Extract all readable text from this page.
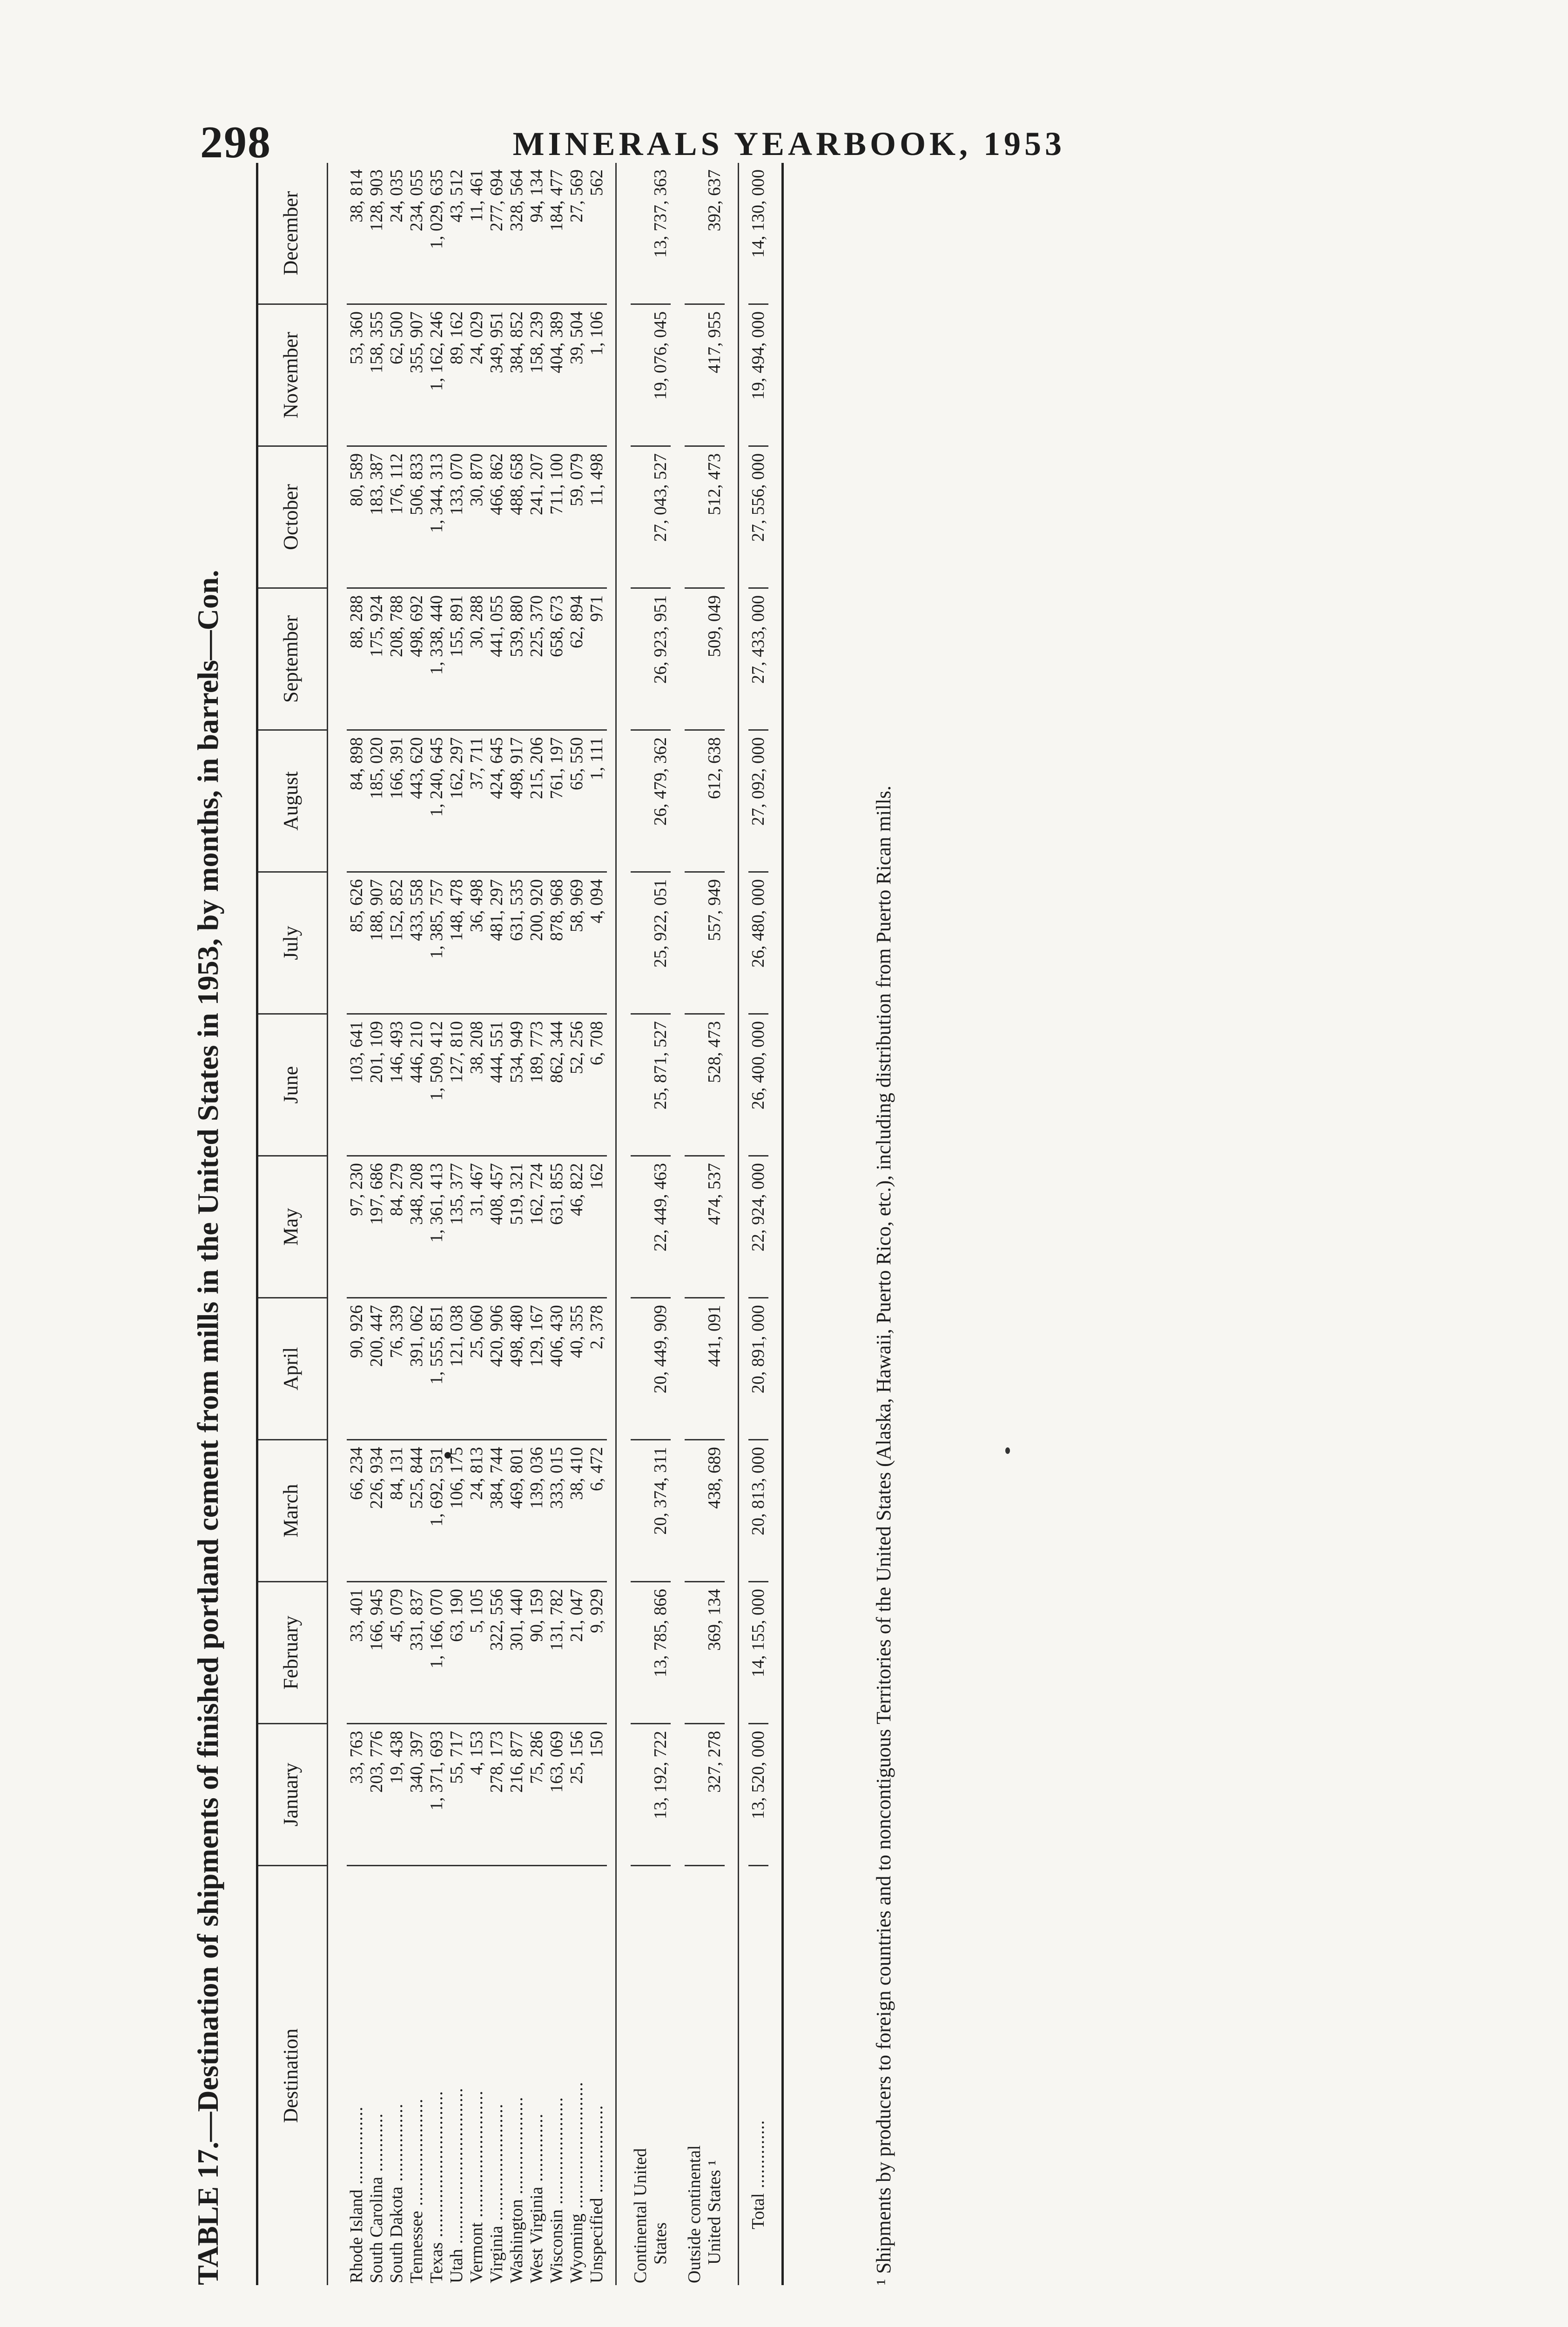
298	MINERALS YEARBOOK, 1953
TABLE 17.—Destination of shipments of finished portland cement from mills in the United States in 1953, by months, in barrels—Con.	Destination
January
February
March
April
May
June
July
August
September
October
November
December
Rhode Island ................
33, 763
33, 401
66, 234
90, 926
97, 230
103, 641
85, 626
84, 898
88, 288
80, 589
53, 360
38, 814
South Carolina ............
203, 776
166, 945
226, 934
200, 447
197, 686
201, 109
188, 907
185, 020
175, 924
183, 387
158, 355
128, 903
South Dakota ................
19, 438
45, 079
84, 131
76, 339
84, 279
146, 493
152, 852
166, 391
208, 788
176, 112
62, 500
24, 035
Tennessee ......................
340, 397
331, 837
525, 844
391, 062
348, 208
446, 210
433, 558
443, 620
498, 692
506, 833
355, 907
234, 055
Texas ..............................
1, 371, 693
1, 166, 070
1, 692, 531
1, 555, 851
1, 361, 413
1, 509, 412
1, 385, 757
1, 240, 645
1, 338, 440
1, 344, 313
1, 162, 246
1, 029, 635
Utah ................................
55, 717
63, 190
106, 175
121, 038
135, 377
127, 810
148, 478
162, 297
155, 891
133, 070
89, 162
43, 512
Vermont ..........................
4, 153
5, 105
24, 813
25, 060
31, 467
38, 208
36, 498
37, 711
30, 288
30, 870
24, 029
11, 461
Virginia ........................
278, 173
322, 556
384, 744
420, 906
408, 457
444, 551
481, 297
424, 645
441, 055
466, 862
349, 951
277, 694
Washington ....................
216, 877
301, 440
469, 801
498, 480
519, 321
534, 949
631, 535
498, 917
539, 880
488, 658
384, 852
328, 564
West Virginia ..............
75, 286
90, 159
139, 036
129, 167
162, 724
189, 773
200, 920
215, 206
225, 370
241, 207
158, 239
94, 134
Wisconsin ......................
163, 069
131, 782
333, 015
406, 430
631, 855
862, 344
878, 968
761, 197
658, 673
711, 100
404, 389
184, 477
Wyoming ..........................
25, 156
21, 047
38, 410
40, 355
46, 822
52, 256
58, 969
65, 550
62, 894
59, 079
39, 504
27, 569
Unspecified ..................
150
9, 929
6, 472
2, 378
162
6, 708
4, 094
1, 111
971
11, 498
1, 106
562
Continental United States
13, 192, 722
13, 785, 866
20, 374, 311
20, 449, 909
22, 449, 463
25, 871, 527
25, 922, 051
26, 479, 362
26, 923, 951
27, 043, 527
19, 076, 045
13, 737, 363
Outside continental United States ¹
327, 278
369, 134
438, 689
441, 091
474, 537
528, 473
557, 949
612, 638
509, 049
512, 473
417, 955
392, 637
Total ..............
13, 520, 000
14, 155, 000
20, 813, 000
20, 891, 000
22, 924, 000
26, 400, 000
26, 480, 000
27, 092, 000
27, 433, 000
27, 556, 000
19, 494, 000
14, 130, 000
¹ Shipments by producers to foreign countries and to noncontiguous Territories of the United States (Alaska, Hawaii, Puerto Rico, etc.), including distribution from Puerto Rican mills.
